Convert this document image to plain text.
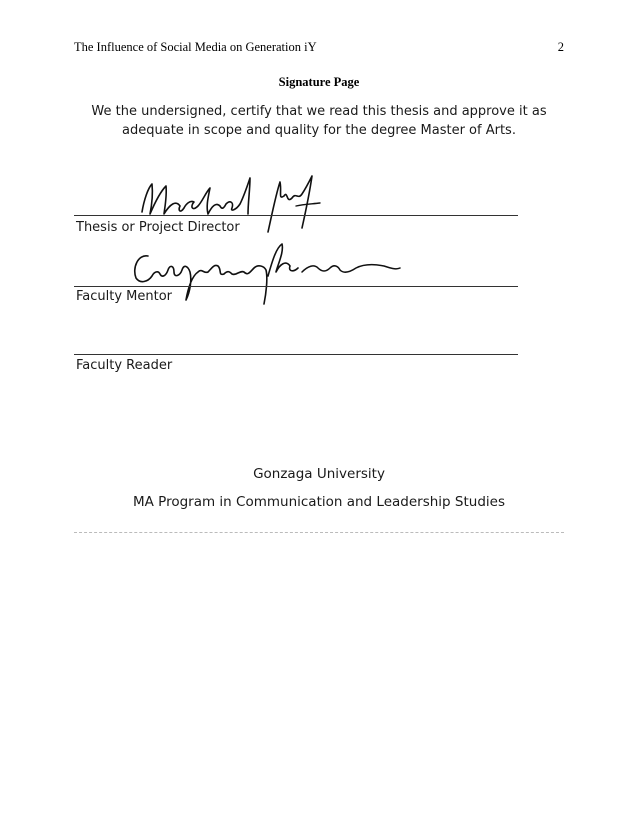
The Influence of Social Media on Generation iY	2
Signature Page
We the undersigned, certify that we read this thesis and approve it as adequate in scope and quality for the degree Master of Arts.
Thesis or Project Director
Faculty Mentor
Faculty Reader
Gonzaga University
MA Program in Communication and Leadership Studies
